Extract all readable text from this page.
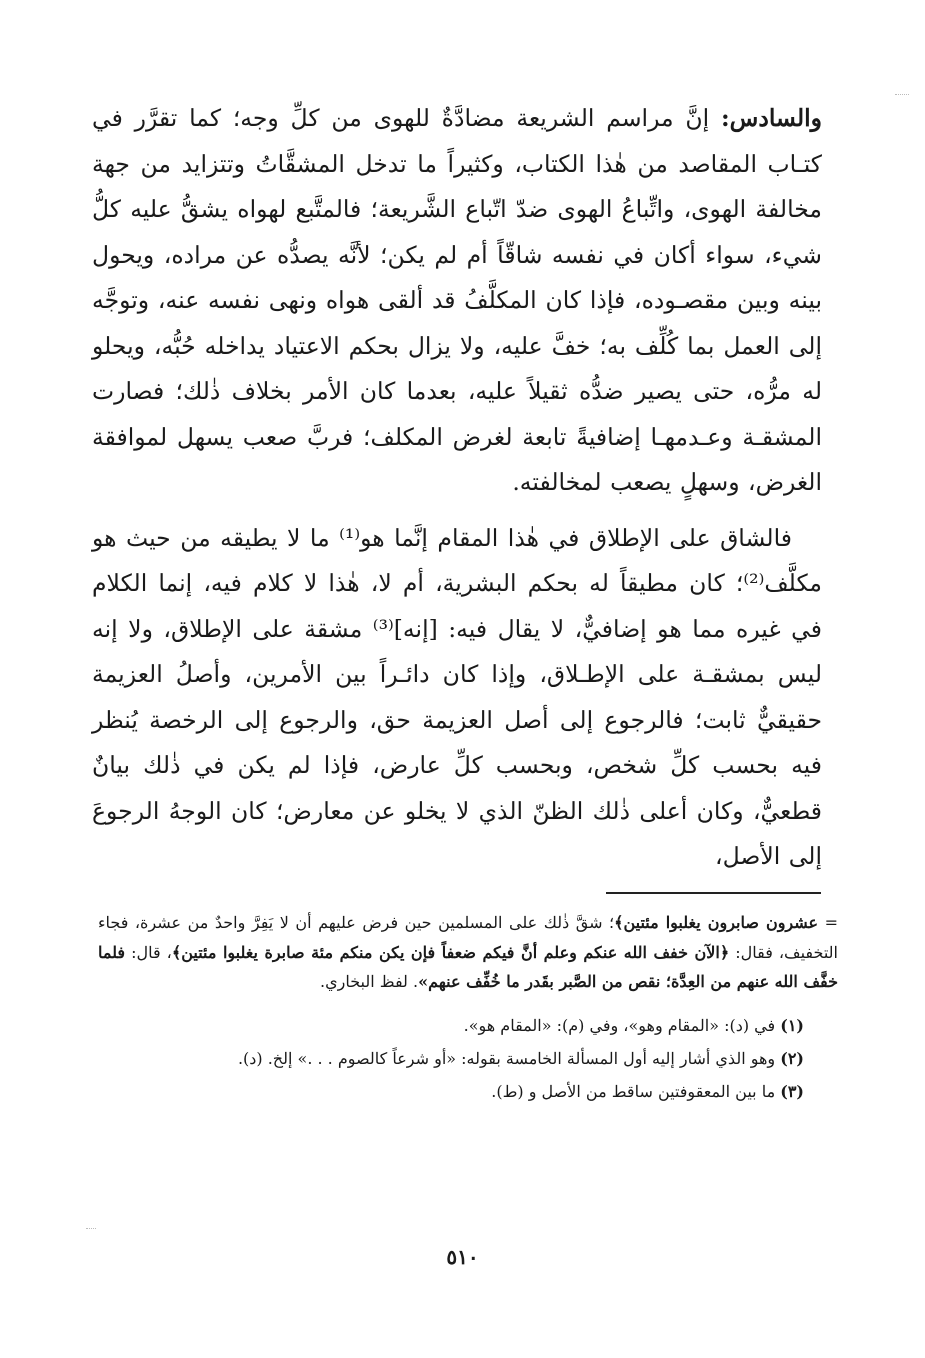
والسادس: إنَّ مراسم الشريعة مضادَّةٌ للهوى من كلِّ وجه؛ كما تقرَّر في كتـاب المقاصد من هٰذا الكتاب، وكثيراً ما تدخل المشقَّاتُ وتتزايد من جهة مخالفة الهوى، واتِّباعُ الهوى ضدّ اتّباع الشَّريعة؛ فالمتَّبع لهواه يشقُّ عليه كلُّ شيء، سواء أكان في نفسه شاقّاً أم لم يكن؛ لأنَّه يصدُّه عن مراده، ويحول بينه وبين مقصـوده، فإذا كان المكلَّفُ قد ألقى هواه ونهى نفسه عنه، وتوجَّه إلى العمل بما كُلِّف به؛ خفَّ عليه، ولا يزال بحكم الاعتياد يداخله حُبُّه، ويحلو له مرُّه، حتى يصير ضدُّه ثقيلاً عليه، بعدما كان الأمر بخلاف ذٰلك؛ فصارت المشقـة وعـدمهـا إضافيةً تابعة لغرض المكلف؛ فربَّ صعب يسهل لموافقة الغرض، وسهلٍ يصعب لمخالفته.

فالشاق على الإطلاق في هٰذا المقام إنَّما هو⁽¹⁾ ما لا يطيقه من حيث هو مكلَّف⁽²⁾؛ كان مطيقاً له بحكم البشرية، أم لا، هٰذا لا كلام فيه، إنما الكلام في غيره مما هو إضافيٌّ، لا يقال فيه: [إنه]⁽³⁾ مشقة على الإطلاق، ولا إنه ليس بمشقـة على الإطـلاق، وإذا كان دائـراً بين الأمرين، وأصلُ العزيمة حقيقيٌّ ثابت؛ فالرجوع إلى أصل العزيمة حق، والرجوع إلى الرخصة يُنظر فيه بحسب كلِّ شخص، وبحسب كلِّ عارض، فإذا لم يكن في ذٰلك بيانٌ قطعيٌّ، وكان أعلى ذٰلك الظنّ الذي لا يخلو عن معارض؛ كان الوجهُ الرجوعَ إلى الأصل،

= عشرون صابرون يغلبوا مئتين﴾؛ شقَّ ذٰلك على المسلمين حين فرض عليهم أن لا يَفِرَّ واحدٌ من عشرة، فجاء التخفيف، فقال: ﴿الآن خفف الله عنكم وعلم أنَّ فيكم ضعفاً فإن يكن منكم مئة صابرة يغلبوا مئتين﴾، قال: فلما خفَّف الله عنهم من العِدَّة؛ نقص من الصَّبر بقَدر ما خُفِّف عنهم». لفظ البخاري.

(١) في (د): «المقام وهو»، وفي (م): «المقام هو».
(٢) وهو الذي أشار إليه أول المسألة الخامسة بقوله: «أو شرعاً كالصوم . . .» إلخ. (د).
(٣) ما بين المعقوفتين ساقط من الأصل و (ط).
٥١٠
